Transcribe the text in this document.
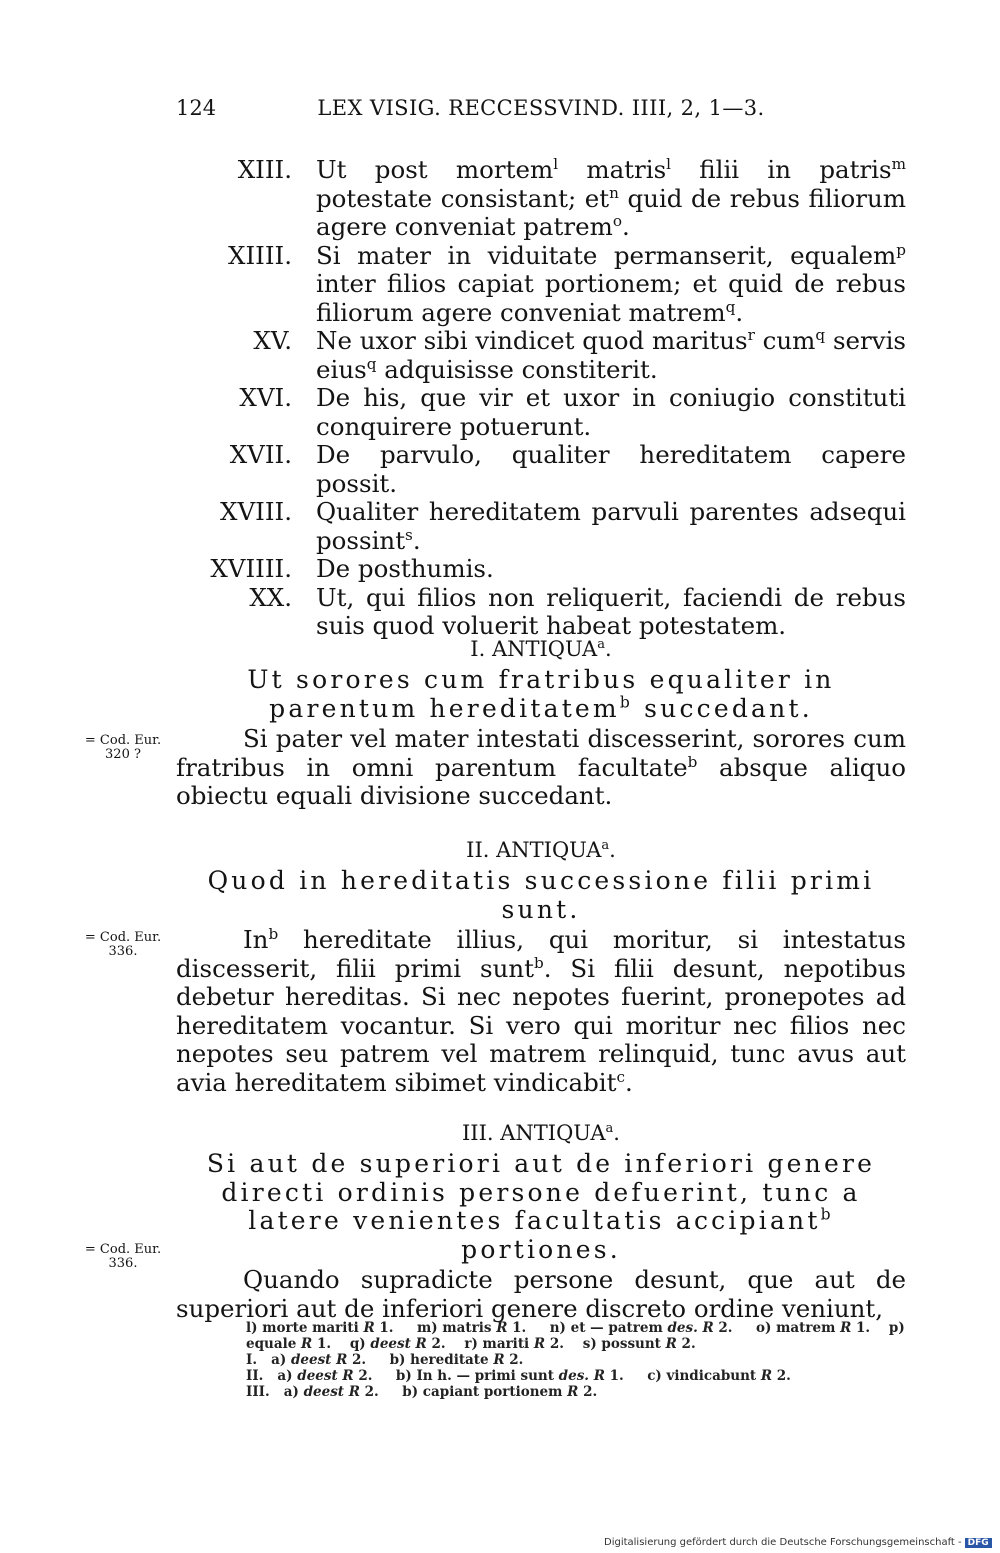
124	LEX VISIG. RECCESSVIND. IIII, 2, 1—3.
XIII. Ut post mortem$^l$ matris$^l$ filii in patris$^m$ potestate consistant; $et^n$ quid de rebus filiorum agere conveniat patrem$^o$.
XIIII. Si mater in viduitate permanserit, equalem$^p$ inter filios capiat portionem; et quid de rebus filiorum agere conveniat matrem$^q$.
XV. Ne uxor sibi vindicet quod maritus$^r$ cum$^q$ servis eius$^q$ adquisisse constiterit.
XVI. De his, que vir et uxor in coniugio constituti conquirere potuerunt.
XVII. De parvulo, qualiter hereditatem capere possit.
XVIII. Qualiter hereditatem parvuli parentes adsequi possint$^s$.
XVIIII. De posthumis.
XX. Ut, qui filios non reliquerit, faciendi de rebus suis quod voluerit habeat potestatem.
I. ANTIQUA$^a$.
Ut sorores cum fratribus equaliter in parentum hereditatem$^b$ succedant.
Si pater vel mater intestati discesserint, sorores cum fratribus in omni parentum facultate$^b$ absque aliquo obiectu equali divisione succedant.
= Cod. Eur.
320 ?
II. ANTIQUA$^a$.
Quod in hereditatis successione filii primi sunt.
In$^b$ hereditate illius, qui moritur, si intestatus discesserit, filii primi sunt$^b$. Si filii desunt, nepotibus debetur hereditas. Si nec nepotes fuerint, pronepotes ad hereditatem vocantur. Si vero qui moritur nec filios nec nepotes seu patrem vel matrem relinquid, tunc avus aut avia hereditatem sibimet vindicabit$^c$.
= Cod. Eur.
336.
III. ANTIQUA$^a$.
Si aut de superiori aut de inferiori genere directi ordinis persone defuerint, tunc a latere venientes facultatis accipiant$^b$ portiones.
Quando supradicte persone desunt, que aut de superiori aut de inferiori genere discreto ordine veniunt,
= Cod. Eur.
336.

l) morte mariti R 1.     m) matris R 1.     n) et — patrem des. R 2.     o) matrem R 1.    p) equale R 1.    q) deest R 2.    r) mariti R 2.    s) possunt R 2.

I.   a) deest R 2.     b) hereditate R 2.

II.   a) deest R 2.     b) In h. — primi sunt des. R 1.     c) vindicabunt R 2.

III.   a) deest R 2.     b) capiant portionem R 2.

Digitalisierung gefördert durch die Deutsche Forschungsgemeinschaft - DFG
